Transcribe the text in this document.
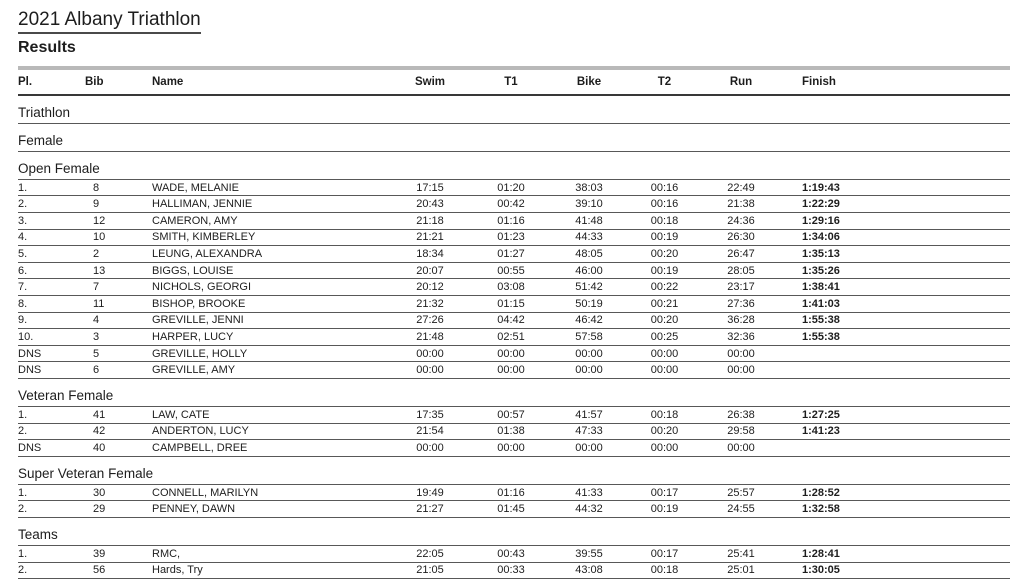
2021 Albany Triathlon
Results
Pl.	Bib	Name	Swim	T1	Bike	T2	Run	Finish
Triathlon
Female
Open Female
1.	8	WADE, MELANIE	17:15	01:20	38:03	00:16	22:49	1:19:43
2.	9	HALLIMAN, JENNIE	20:43	00:42	39:10	00:16	21:38	1:22:29
3.	12	CAMERON, AMY	21:18	01:16	41:48	00:18	24:36	1:29:16
4.	10	SMITH, KIMBERLEY	21:21	01:23	44:33	00:19	26:30	1:34:06
5.	2	LEUNG, ALEXANDRA	18:34	01:27	48:05	00:20	26:47	1:35:13
6.	13	BIGGS, LOUISE	20:07	00:55	46:00	00:19	28:05	1:35:26
7.	7	NICHOLS, GEORGI	20:12	03:08	51:42	00:22	23:17	1:38:41
8.	11	BISHOP, BROOKE	21:32	01:15	50:19	00:21	27:36	1:41:03
9.	4	GREVILLE, JENNI	27:26	04:42	46:42	00:20	36:28	1:55:38
10.	3	HARPER, LUCY	21:48	02:51	57:58	00:25	32:36	1:55:38
DNS	5	GREVILLE, HOLLY	00:00	00:00	00:00	00:00	00:00
DNS	6	GREVILLE, AMY	00:00	00:00	00:00	00:00	00:00
Veteran Female
1.	41	LAW, CATE	17:35	00:57	41:57	00:18	26:38	1:27:25
2.	42	ANDERTON, LUCY	21:54	01:38	47:33	00:20	29:58	1:41:23
DNS	40	CAMPBELL, DREE	00:00	00:00	00:00	00:00	00:00
Super Veteran Female
1.	30	CONNELL, MARILYN	19:49	01:16	41:33	00:17	25:57	1:28:52
2.	29	PENNEY, DAWN	21:27	01:45	44:32	00:19	24:55	1:32:58
Teams
1.	39	RMC,	22:05	00:43	39:55	00:17	25:41	1:28:41
2.	56	Hards, Try	21:05	00:33	43:08	00:18	25:01	1:30:05
